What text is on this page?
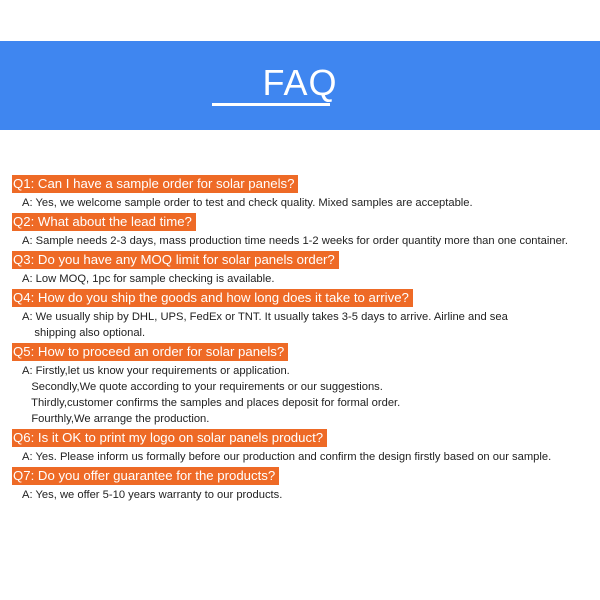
FAQ
Q1: Can I have a sample order for solar panels?
A: Yes, we welcome sample order to test and check quality. Mixed samples are acceptable.
Q2: What about the lead time?
A: Sample needs 2-3 days, mass production time needs 1-2 weeks for order quantity more than one container.
Q3: Do you have any MOQ limit for solar panels order?
A: Low MOQ, 1pc for sample checking is available.
Q4: How do you ship the goods and how long does it take to arrive?
A: We usually ship by DHL, UPS, FedEx or TNT. It usually takes 3-5 days to arrive. Airline and sea
shipping also optional.
Q5: How to proceed an order for solar panels?
A: Firstly,let us know your requirements or application.
Secondly,We quote according to your requirements or our suggestions.
Thirdly,customer confirms the samples and places deposit for formal order.
Fourthly,We arrange the production.
Q6: Is it OK to print my logo on solar panels product?
A: Yes. Please inform us formally before our production and confirm the design firstly based on our sample.
Q7: Do you offer guarantee for the products?
A: Yes, we offer 5-10 years warranty to our products.
